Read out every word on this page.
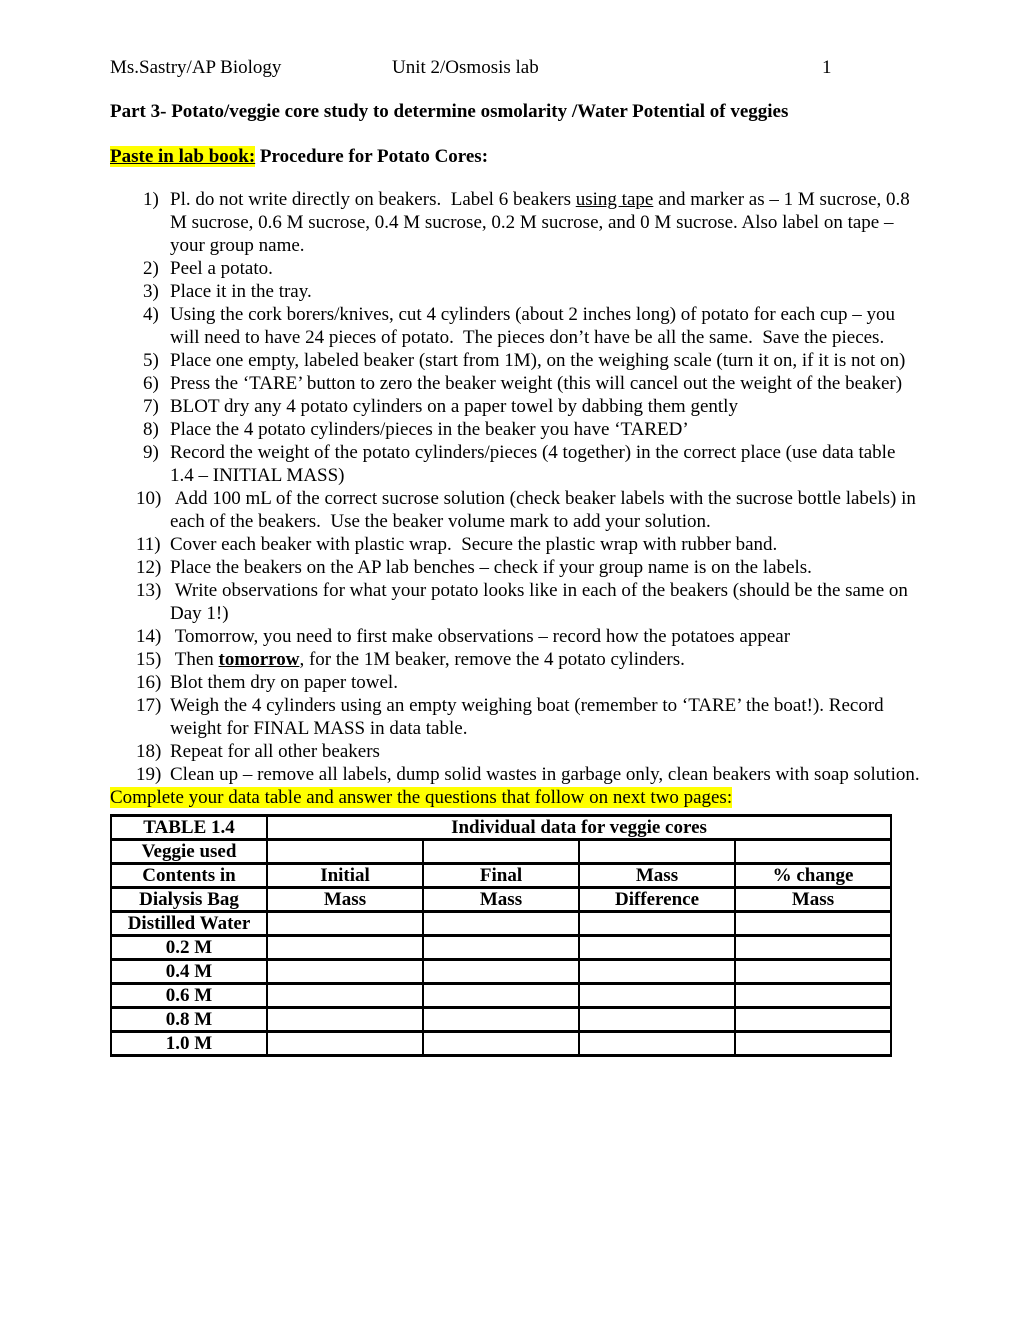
Ms.Sastry/AP Biology	Unit 2/Osmosis lab	1
Part 3- Potato/veggie core study to determine osmolarity /Water Potential of veggies
Paste in lab book: Procedure for Potato Cores:
1) Pl. do not write directly on beakers.  Label 6 beakers using tape and marker as – 1 M sucrose, 0.8 M sucrose, 0.6 M sucrose, 0.4 M sucrose, 0.2 M sucrose, and 0 M sucrose. Also label on tape – your group name.
2) Peel a potato.
3) Place it in the tray.
4) Using the cork borers/knives, cut 4 cylinders (about 2 inches long) of potato for each cup – you will need to have 24 pieces of potato.  The pieces don’t have be all the same.  Save the pieces.
5) Place one empty, labeled beaker (start from 1M), on the weighing scale (turn it on, if it is not on)
6) Press the ‘TARE’ button to zero the beaker weight (this will cancel out the weight of the beaker)
7) BLOT dry any 4 potato cylinders on a paper towel by dabbing them gently
8) Place the 4 potato cylinders/pieces in the beaker you have ‘TARED’
9) Record the weight of the potato cylinders/pieces (4 together) in the correct place (use data table 1.4 – INITIAL MASS)
10) Add 100 mL of the correct sucrose solution (check beaker labels with the sucrose bottle labels) in each of the beakers.  Use the beaker volume mark to add your solution.
11) Cover each beaker with plastic wrap.  Secure the plastic wrap with rubber band.
12) Place the beakers on the AP lab benches – check if your group name is on the labels.
13) Write observations for what your potato looks like in each of the beakers (should be the same on Day 1!)
14) Tomorrow, you need to first make observations – record how the potatoes appear
15) Then tomorrow, for the 1M beaker, remove the 4 potato cylinders.
16) Blot them dry on paper towel.
17) Weigh the 4 cylinders using an empty weighing boat (remember to ‘TARE’ the boat!). Record weight for FINAL MASS in data table.
18) Repeat for all other beakers
19) Clean up – remove all labels, dump solid wastes in garbage only, clean beakers with soap solution.
Complete your data table and answer the questions that follow on next two pages:
TABLE 1.4	Individual data for veggie cores			
Veggie used				
Contents in	Initial	Final	Mass	% change
Dialysis Bag	Mass	Mass	Difference	Mass
Distilled Water				
0.2 M				
0.4 M				
0.6 M				
0.8 M				
1.0 M				
